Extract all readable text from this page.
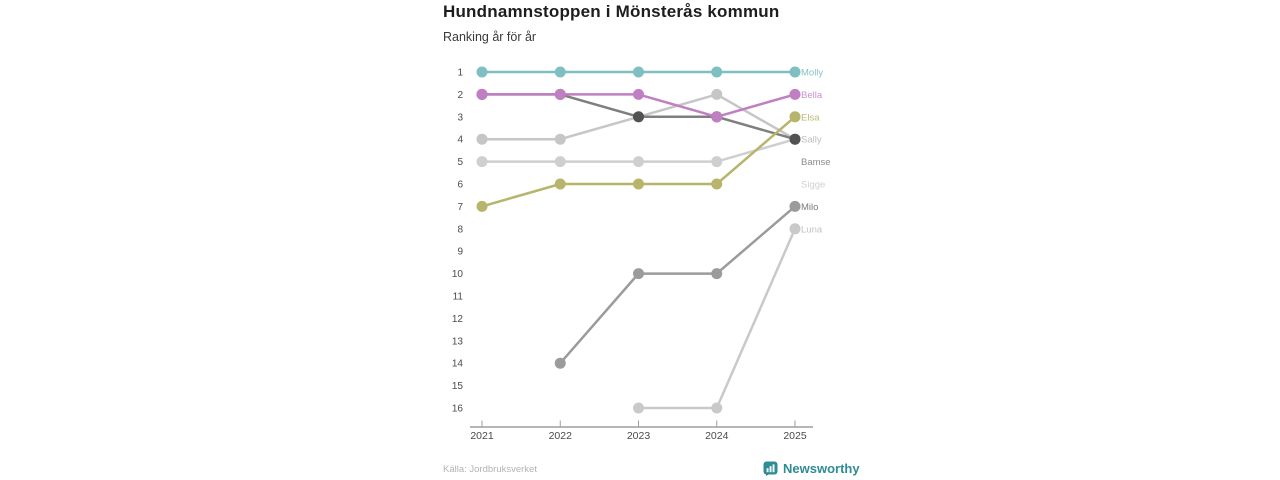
Hundnamnstoppen i Mönsterås kommun
Ranking år för år
1
2
3
4
5
6
7
8
9
10
11
12
13
14
15
16
2021	2022	2023	2024	2025
Sigge
Bamse
Luna
Milo
Sally
Elsa
Bella
Molly
Källa: Jordbruksverket	Newsworthy
